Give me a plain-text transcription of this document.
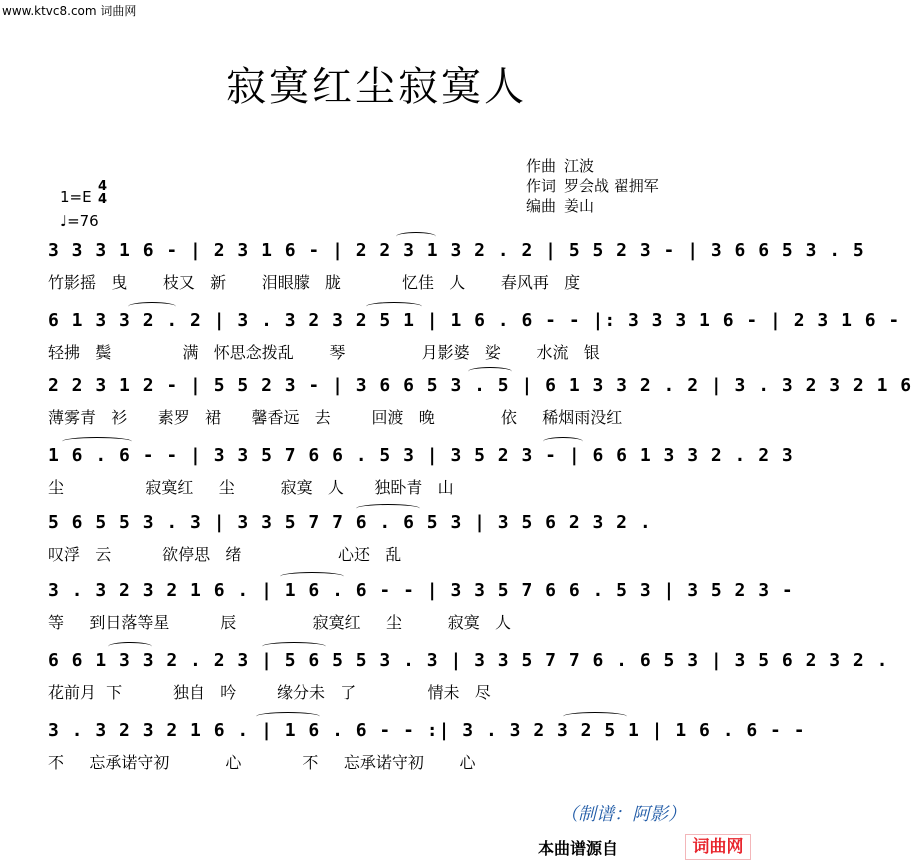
www.ktvc8.com 词曲网
寂寞红尘寂寞人
作曲 江波
作词 罗会战 翟拥军
编曲 姜山
1=E
4
4
♩=76
3 3 3 1 6 - | 2 3 1 6 - | 2 2 3 1 3 2 . 2 | 5 5 2 3 - | 3 6 6 5 3 . 5
竹影摇   曳       枝又   新       泪眼朦   胧            忆佳   人       春风再   度
6 1 3 3 2 . 2 | 3 . 3 2 3 2 5 1 | 1 6 . 6 - - |: 3 3 3 1 6 - | 2 3 1 6 -
轻拂   鬓              满   怀思念拨乱       琴               月影婆   娑       水流   银
2 2 3 1 2 - | 5 5 2 3 - | 3 6 6 5 3 . 5 | 6 1 3 3 2 . 2 | 3 . 3 2 3 2 1 6
薄雾青   衫      素罗   裙      馨香远   去        回渡   晚             依     稀烟雨没红
1 6 . 6 - - | 3 3 5 7 6 6 . 5 3 | 3 5 2 3 - | 6 6 1 3 3 2 . 2 3
尘                寂寞红     尘         寂寞   人      独卧青   山
5 6 5 5 3 . 3 | 3 3 5 7 7 6 . 6 5 3 | 3 5 6 2 3 2 .
叹浮   云          欲停思   绪                   心还   乱
3 . 3 2 3 2 1 6 . | 1 6 . 6 - - | 3 3 5 7 6 6 . 5 3 | 3 5 2 3 -
等     到日落等星          辰               寂寞红     尘         寂寞   人
6 6 1 3 3 2 . 2 3 | 5 6 5 5 3 . 3 | 3 3 5 7 7 6 . 6 5 3 | 3 5 6 2 3 2 .
花前月  下          独自   吟        缘分未   了              情未   尽
3 . 3 2 3 2 1 6 . | 1 6 . 6 - - :| 3 . 3 2 3 2 5 1 | 1 6 . 6 - -
不     忘承诺守初           心            不     忘承诺守初       心
（制谱：阿影）
本曲谱源自	词曲网
